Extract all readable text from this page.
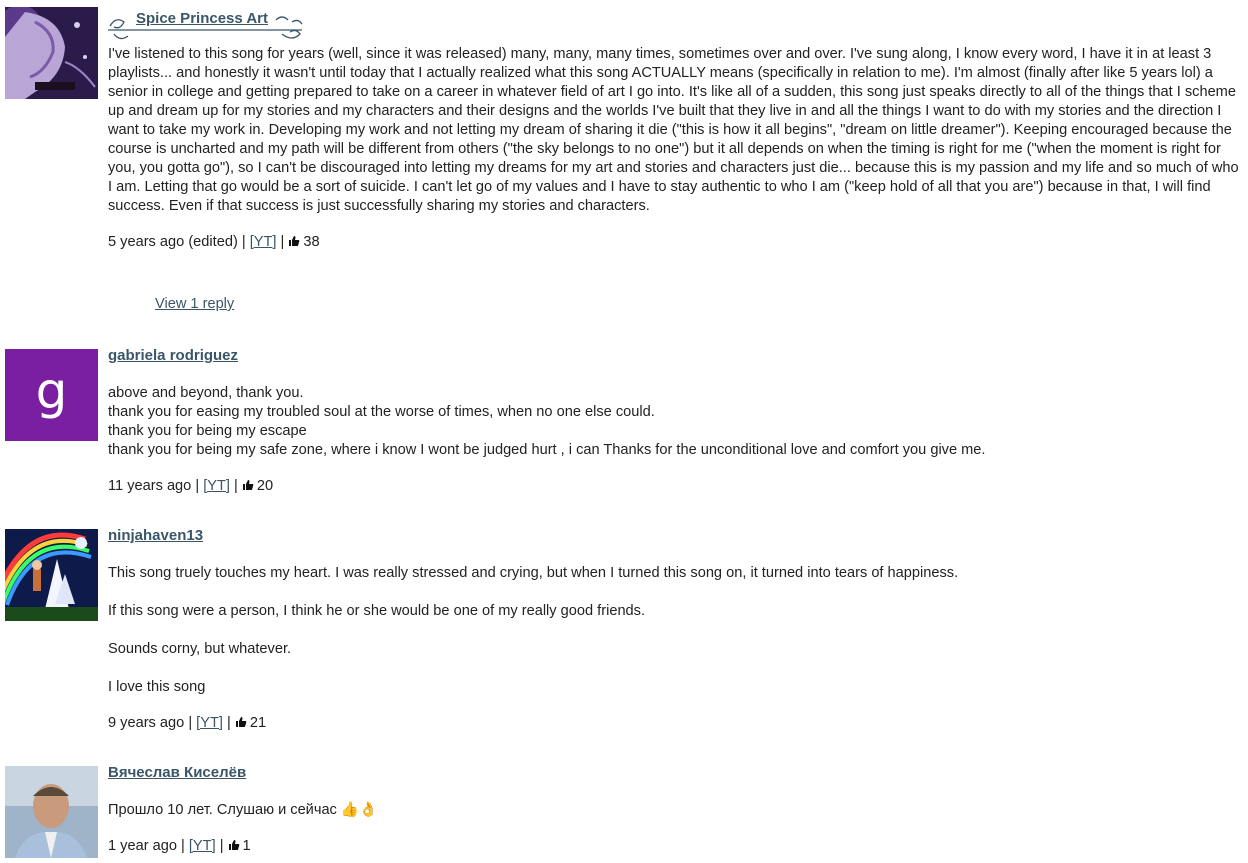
Spice Princess Art
I've listened to this song for years (well, since it was released) many, many, many times, sometimes over and over. I've sung along, I know every word, I have it in at least 3 playlists... and honestly it wasn't until today that I actually realized what this song ACTUALLY means (specifically in relation to me). I'm almost (finally after like 5 years lol) a senior in college and getting prepared to take on a career in whatever field of art I go into. It's like all of a sudden, this song just speaks directly to all of the things that I scheme up and dream up for my stories and my characters and their designs and the worlds I've built that they live in and all the things I want to do with my stories and the direction I want to take my work in. Developing my work and not letting my dream of sharing it die ("this is how it all begins", "dream on little dreamer"). Keeping encouraged because the course is uncharted and my path will be different from others ("the sky belongs to no one") but it all depends on when the timing is right for me ("when the moment is right for you, you gotta go"), so I can't be discouraged into letting my dreams for my art and stories and characters just die... because this is my passion and my life and so much of who I am. Letting that go would be a sort of suicide. I can't let go of my values and I have to stay authentic to who I am ("keep hold of all that you are") because in that, I will find success. Even if that success is just successfully sharing my stories and characters.
5 years ago (edited) | [YT] | 38
View 1 reply
g
gabriela rodriguez
above and beyond, thank you.
thank you for easing my troubled soul at the worse of times, when no one else could.
thank you for being my escape
thank you for being my safe zone, where i know I wont be judged hurt , i can Thanks for the unconditional love and comfort you give me.
11 years ago | [YT] | 20
ninjahaven13
This song truely touches my heart. I was really stressed and crying, but when I turned this song on, it turned into tears of happiness.

If this song were a person, I think he or she would be one of my really good friends.

Sounds corny, but whatever.

I love this song
9 years ago | [YT] | 21
Вячеслав Киселёв
Прошло 10 лет. Слушаю и сейчас 👍👌
1 year ago | [YT] | 1
